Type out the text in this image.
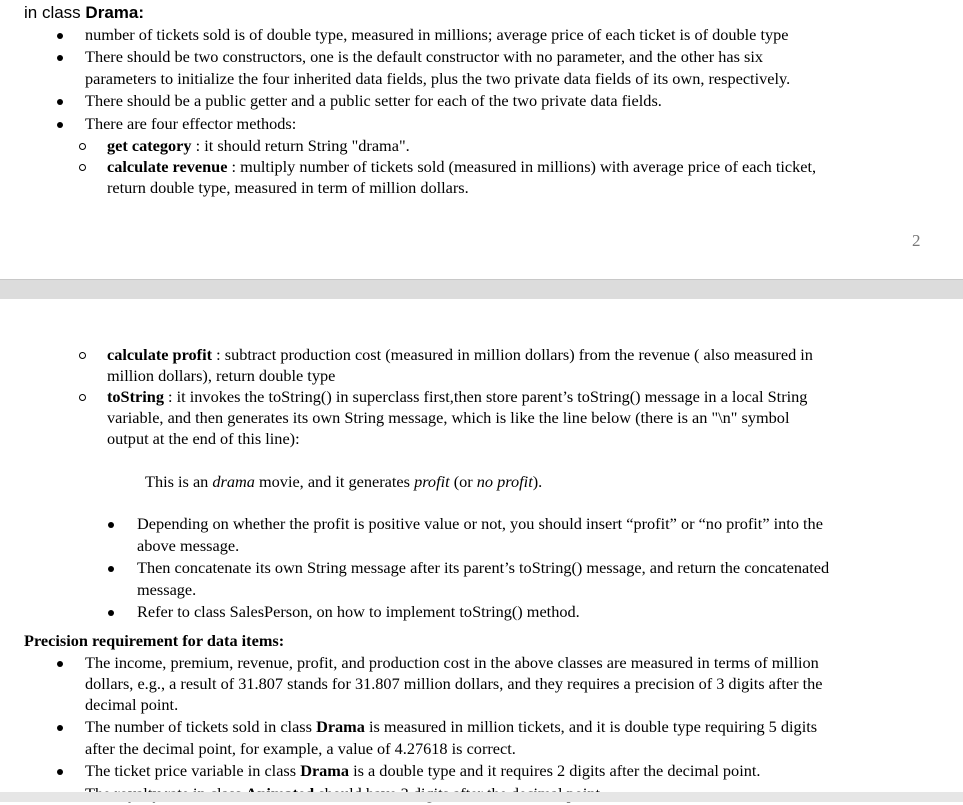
in class Drama:
number of tickets sold is of double type, measured in millions; average price of each ticket is of double type
There should be two constructors, one is the default constructor with no parameter, and the other has six
parameters to initialize the four inherited data fields, plus the two private data fields of its own, respectively.
There should be a public getter and a public setter for each of the two private data fields.
There are four effector methods:
get category : it should return String "drama".
calculate revenue : multiply number of tickets sold (measured in millions) with average price of each ticket,
return double type, measured in term of million dollars.
2
calculate profit : subtract production cost (measured in million dollars) from the revenue ( also measured in
million dollars), return double type
toString : it invokes the toString() in superclass first,then store parent’s toString() message in a local String
variable, and then generates its own String message, which is like the line below (there is an "\n" symbol
output at the end of this line):
This is an drama movie, and it generates profit (or no profit).
Depending on whether the profit is positive value or not, you should insert “profit” or “no profit” into the
above message.
Then concatenate its own String message after its parent’s toString() message, and return the concatenated
message.
Refer to class SalesPerson, on how to implement toString() method.
Precision requirement for data items:
The income, premium, revenue, profit, and production cost in the above classes are measured in terms of million
dollars, e.g., a result of 31.807 stands for 31.807 million dollars, and they requires a precision of 3 digits after the
decimal point.
The number of tickets sold in class Drama is measured in million tickets, and it is double type requiring 5 digits
after the decimal point, for example, a value of 4.27618 is correct.
The ticket price variable in class Drama is a double type and it requires 2 digits after the decimal point.
